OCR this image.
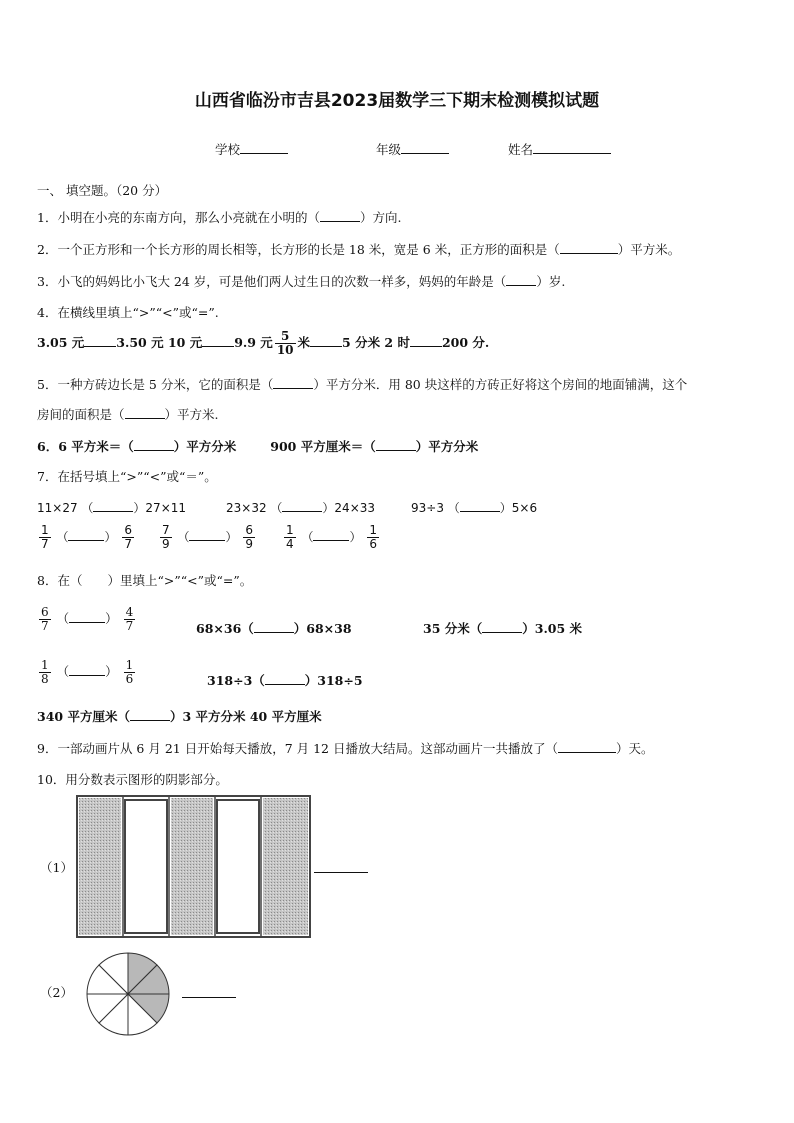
山西省临汾市吉县2023届数学三下期末检测模拟试题
学校	年级	姓名
一、 填空题。（20 分）
1．小明在小亮的东南方向，那么小亮就在小明的（	）方向.
2．一个正方形和一个长方形的周长相等，长方形的长是 18 米，宽是 6 米，正方形的面积是（	）平方米。
3．小飞的妈妈比小飞大 24 岁，可是他们两人过生日的次数一样多，妈妈的年龄是（ ）岁.
4．在横线里填上“>”“<”或“=”.
3.05 元	3.50 元 10 元	9.9 元 $\frac{5}{10}$ 米	5 分米 2 时	200 分.
5．一种方砖边长是 5 分米，它的面积是（	）平方分米．用 80 块这样的方砖正好将这个房间的地面铺满，这个
房间的面积是（	）平方米.
6．6 平方米＝（	）平方分米	900 平方厘米＝（	）平方分米
7．在括号填上“>”“<”或“＝”。
11×27 （	）27×11	23×32 （	）24×33	93÷3 （	）5×6
$\frac{1}{7}$ （	） $\frac{6}{7} \frac{7}{9}$ （	） $\frac{6}{9} \frac{1}{4}$ （	） $\frac{1}{6}$
8．在（　　）里填上“>”“<”或“=”。
$\frac{6}{7}$ （	） $\frac{4}{7}$	68×36（	）68×38	35 分米（	）3.05 米
$\frac{1}{8}$ （	） $\frac{1}{6}$	318÷3（	）318÷5
340 平方厘米（	）3 平方分米 40 平方厘米
9．一部动画片从 6 月 21 日开始每天播放，7 月 12 日播放大结局。这部动画片一共播放了（	）天。
10．用分数表示图形的阴影部分。
（1）
（2）
